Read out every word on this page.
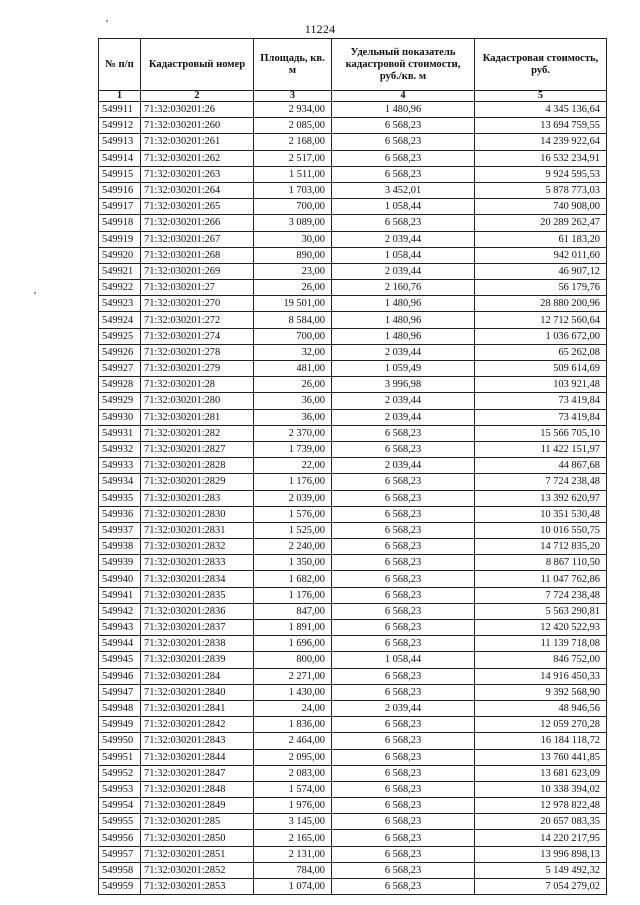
11224
№ п/п	Кадастровый номер	Площадь, кв. м	Удельный показатель кадастровой стоимости, руб./кв. м	Кадастровая стоимость, руб.
1	2	3	4	5
549911	71:32:030201:26	2 934,00	1 480,96	4 345 136,64
549912	71:32:030201:260	2 085,00	6 568,23	13 694 759,55
549913	71:32:030201:261	2 168,00	6 568,23	14 239 922,64
549914	71:32:030201:262	2 517,00	6 568,23	16 532 234,91
549915	71:32:030201:263	1 511,00	6 568,23	9 924 595,53
549916	71:32:030201:264	1 703,00	3 452,01	5 878 773,03
549917	71:32:030201:265	700,00	1 058,44	740 908,00
549918	71:32:030201:266	3 089,00	6 568,23	20 289 262,47
549919	71:32:030201:267	30,00	2 039,44	61 183,20
549920	71:32:030201:268	890,00	1 058,44	942 011,60
549921	71:32:030201:269	23,00	2 039,44	46 907,12
549922	71:32:030201:27	26,00	2 160,76	56 179,76
549923	71:32:030201:270	19 501,00	1 480,96	28 880 200,96
549924	71:32:030201:272	8 584,00	1 480,96	12 712 560,64
549925	71:32:030201:274	700,00	1 480,96	1 036 672,00
549926	71:32:030201:278	32,00	2 039,44	65 262,08
549927	71:32:030201:279	481,00	1 059,49	509 614,69
549928	71:32:030201:28	26,00	3 996,98	103 921,48
549929	71:32:030201:280	36,00	2 039,44	73 419,84
549930	71:32:030201:281	36,00	2 039,44	73 419,84
549931	71:32:030201:282	2 370,00	6 568,23	15 566 705,10
549932	71:32:030201:2827	1 739,00	6 568,23	11 422 151,97
549933	71:32:030201:2828	22,00	2 039,44	44 867,68
549934	71:32:030201:2829	1 176,00	6 568,23	7 724 238,48
549935	71:32:030201:283	2 039,00	6 568,23	13 392 620,97
549936	71:32:030201:2830	1 576,00	6 568,23	10 351 530,48
549937	71:32:030201:2831	1 525,00	6 568,23	10 016 550,75
549938	71:32:030201:2832	2 240,00	6 568,23	14 712 835,20
549939	71:32:030201:2833	1 350,00	6 568,23	8 867 110,50
549940	71:32:030201:2834	1 682,00	6 568,23	11 047 762,86
549941	71:32:030201:2835	1 176,00	6 568,23	7 724 238,48
549942	71:32:030201:2836	847,00	6 568,23	5 563 290,81
549943	71:32:030201:2837	1 891,00	6 568,23	12 420 522,93
549944	71:32:030201:2838	1 696,00	6 568,23	11 139 718,08
549945	71:32:030201:2839	800,00	1 058,44	846 752,00
549946	71:32:030201:284	2 271,00	6 568,23	14 916 450,33
549947	71:32:030201:2840	1 430,00	6 568,23	9 392 568,90
549948	71:32:030201:2841	24,00	2 039,44	48 946,56
549949	71:32:030201:2842	1 836,00	6 568,23	12 059 270,28
549950	71:32:030201:2843	2 464,00	6 568,23	16 184 118,72
549951	71:32:030201:2844	2 095,00	6 568,23	13 760 441,85
549952	71:32:030201:2847	2 083,00	6 568,23	13 681 623,09
549953	71:32:030201:2848	1 574,00	6 568,23	10 338 394,02
549954	71:32:030201:2849	1 976,00	6 568,23	12 978 822,48
549955	71:32:030201:285	3 145,00	6 568,23	20 657 083,35
549956	71:32:030201:2850	2 165,00	6 568,23	14 220 217,95
549957	71:32:030201:2851	2 131,00	6 568,23	13 996 898,13
549958	71:32:030201:2852	784,00	6 568,23	5 149 492,32
549959	71:32:030201:2853	1 074,00	6 568,23	7 054 279,02
